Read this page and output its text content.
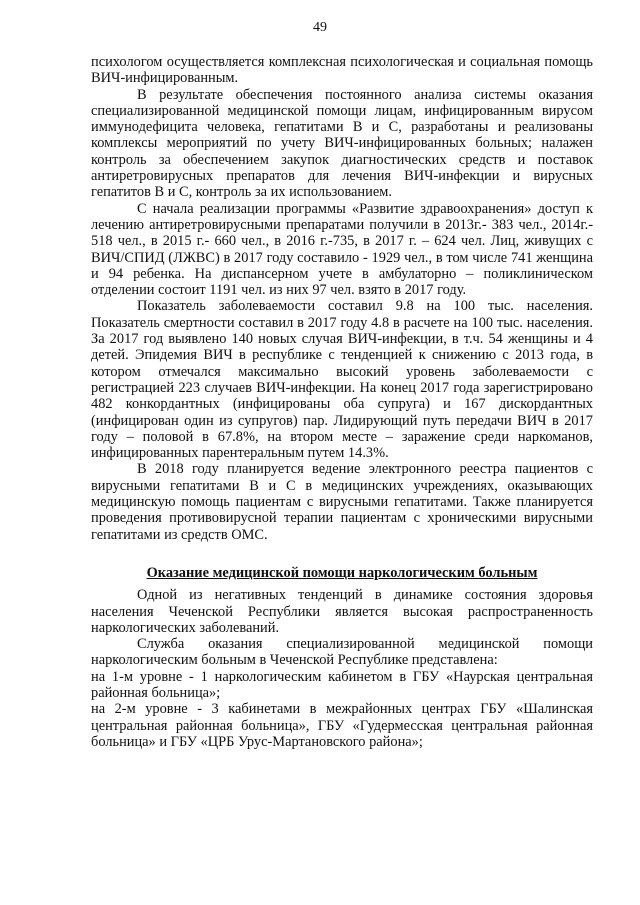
49

психологом осуществляется комплексная психологическая и социальная помощь ВИЧ-инфицированным.

В результате обеспечения постоянного анализа системы оказания специализированной медицинской помощи лицам, инфицированным вирусом иммунодефицита человека, гепатитами В и С, разработаны и реализованы комплексы мероприятий по учету ВИЧ-инфицированных больных; налажен контроль за обеспечением закупок диагностических средств и поставок антиретровирусных препаратов для лечения ВИЧ-инфекции и вирусных гепатитов В и С, контроль за их использованием.

С начала реализации программы «Развитие здравоохранения» доступ к лечению антиретровирусными препаратами получили в 2013г.- 383 чел., 2014г.- 518 чел., в 2015 г.- 660 чел., в 2016 г.-735, в 2017 г. – 624 чел. Лиц, живущих с ВИЧ/СПИД (ЛЖВС) в 2017 году составило - 1929 чел., в том числе 741 женщина и 94 ребенка. На диспансерном учете в амбулаторно – поликлиническом отделении состоит 1191 чел. из них 97 чел. взято в 2017 году.

Показатель заболеваемости составил 9.8 на 100 тыс. населения. Показатель смертности составил в 2017 году 4.8 в расчете на 100 тыс. населения. За 2017 год выявлено 140 новых случая ВИЧ-инфекции, в т.ч. 54 женщины и 4 детей. Эпидемия ВИЧ в республике с тенденцией к снижению с 2013 года, в котором отмечался максимально высокий уровень заболеваемости с регистрацией 223 случаев ВИЧ-инфекции. На конец 2017 года зарегистрировано 482 конкордантных (инфицированы оба супруга) и 167 дискордантных (инфицирован один из супругов) пар. Лидирующий путь передачи ВИЧ в 2017 году – половой в 67.8%, на втором месте – заражение среди наркоманов, инфицированных парентеральным путем 14.3%.

В 2018 году планируется ведение электронного реестра пациентов с вирусными гепатитами В и С в медицинских учреждениях, оказывающих медицинскую помощь пациентам с вирусными гепатитами. Также планируется проведения противовирусной терапии пациентам с хроническими вирусными гепатитами из средств ОМС.

Оказание медицинской помощи наркологическим больным

Одной из негативных тенденций в динамике состояния здоровья населения Чеченской Республики является высокая распространенность наркологических заболеваний.

Служба оказания специализированной медицинской помощи наркологическим больным в Чеченской Республике представлена:

на 1-м уровне - 1 наркологическим кабинетом в ГБУ «Наурская центральная районная больница»;

на 2-м уровне - 3 кабинетами в межрайонных центрах ГБУ «Шалинская центральная районная больница», ГБУ «Гудермесская центральная районная больница» и ГБУ «ЦРБ Урус-Мартановского района»;
